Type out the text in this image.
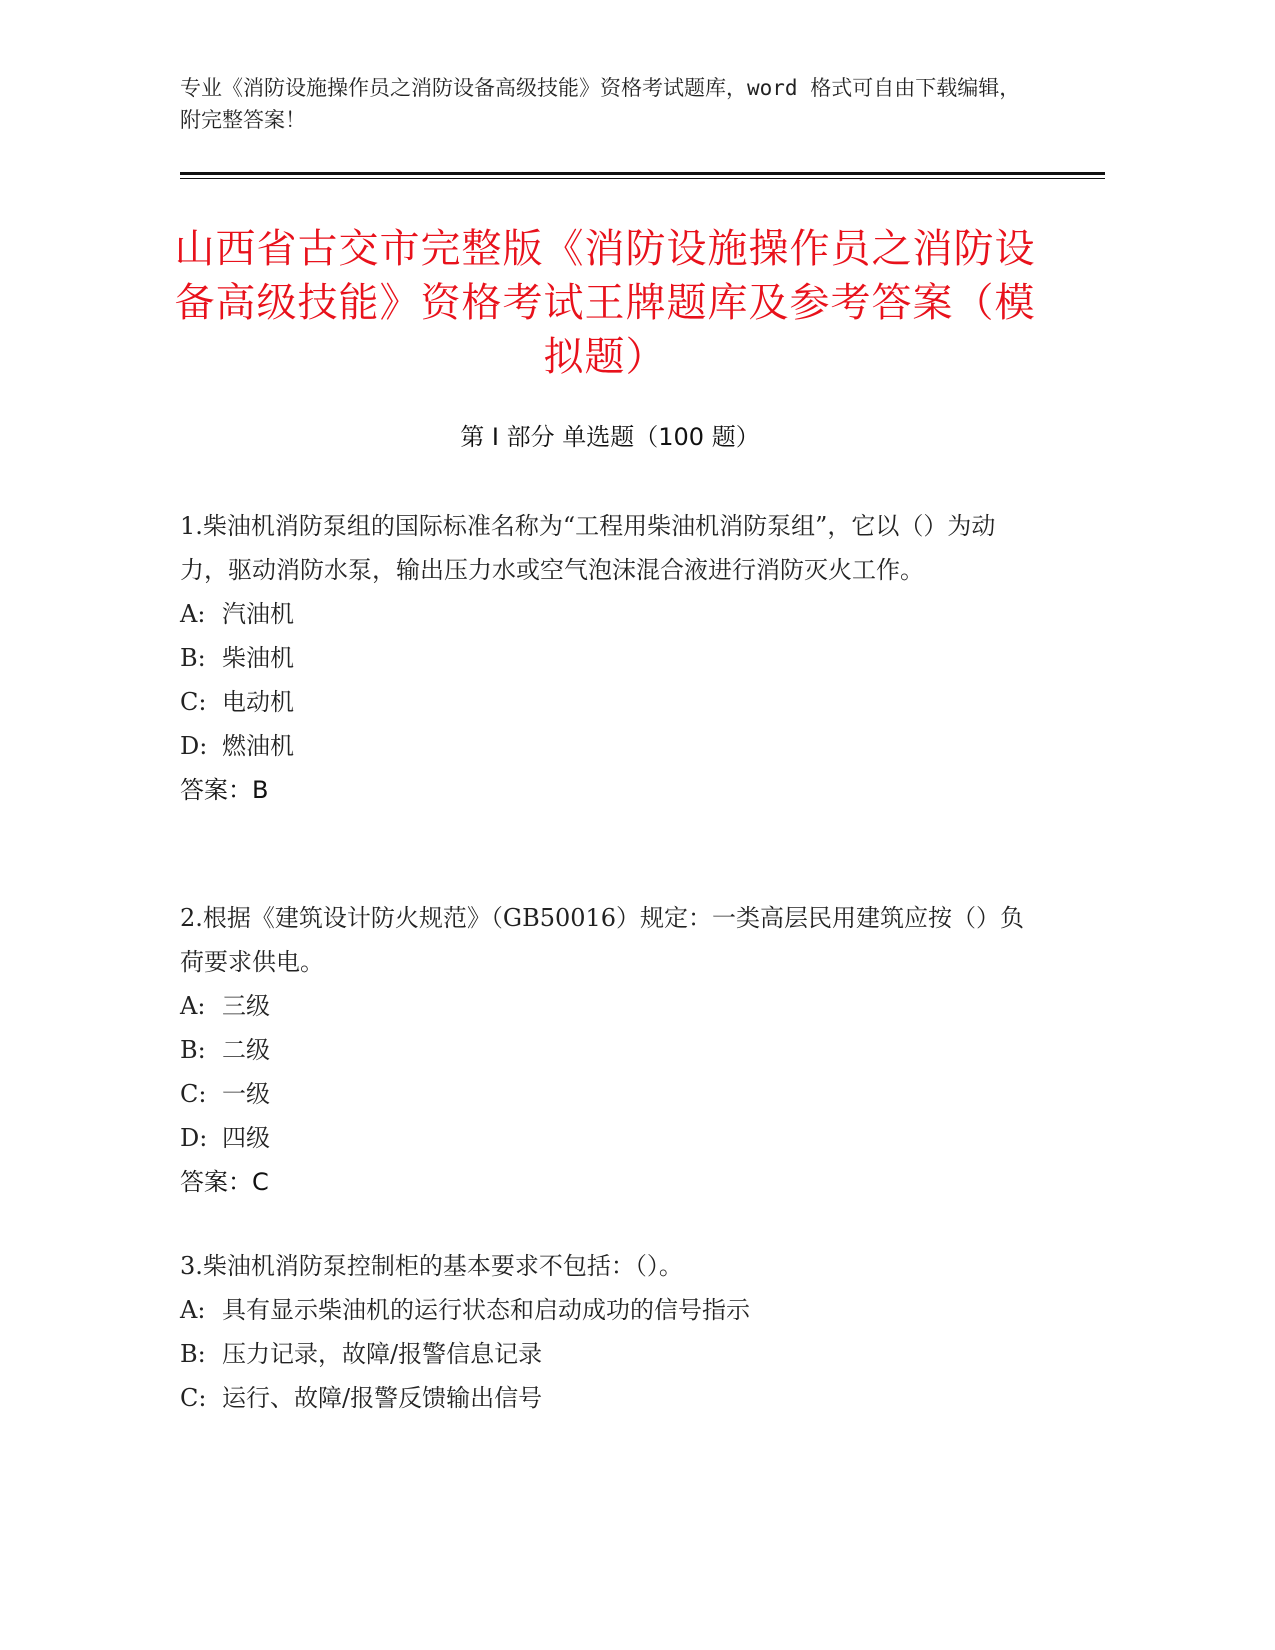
专业《消防设施操作员之消防设备高级技能》资格考试题库，word 格式可自由下载编辑，附完整答案！
山西省古交市完整版《消防设施操作员之消防设备高级技能》资格考试王牌题库及参考答案（模拟题）
第 I 部分 单选题（100 题）

1.柴油机消防泵组的国际标准名称为“工程用柴油机消防泵组”，它以（）为动力，驱动消防水泵，输出压力水或空气泡沫混合液进行消防灭火工作。

A: 汽油机

B: 柴油机

C: 电动机

D: 燃油机

答案：B

2.根据《建筑设计防火规范》（GB50016）规定：一类高层民用建筑应按（）负荷要求供电。

A: 三级

B: 二级

C: 一级

D: 四级

答案：C

3.柴油机消防泵控制柜的基本要求不包括：（）。

A: 具有显示柴油机的运行状态和启动成功的信号指示

B: 压力记录，故障/报警信息记录

C: 运行、故障/报警反馈输出信号
